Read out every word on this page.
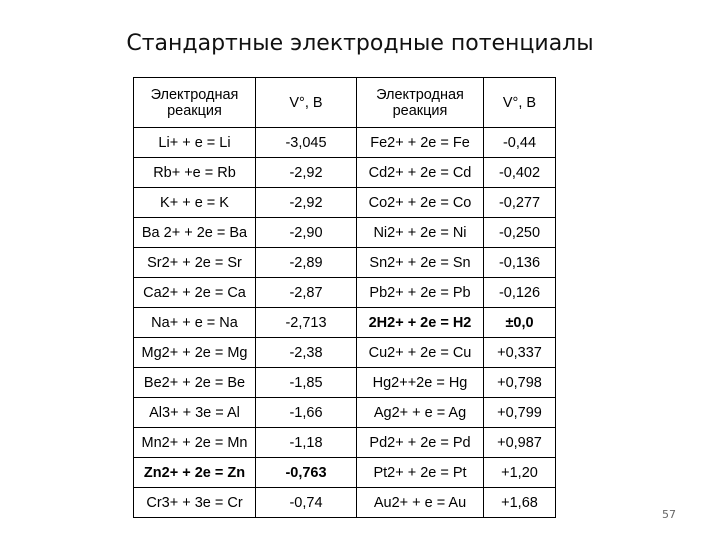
Стандартные электродные потенциалы
Электродная реакция	V°, B	Электродная реакция	V°, B
Li+ + e = Li	-3,045	Fe2+ + 2e = Fe	-0,44
Rb+ +e = Rb	-2,92	Cd2+ + 2e = Cd	-0,402
K+ + e = K	-2,92	Co2+ + 2e = Co	-0,277
Ba 2+ + 2e = Ba	-2,90	Ni2+ + 2e = Ni	-0,250
Sr2+ + 2e = Sr	-2,89	Sn2+ + 2e = Sn	-0,136
Ca2+ + 2e = Ca	-2,87	Pb2+ + 2e = Pb	-0,126
Na+ + e = Na	-2,713	2H2+ + 2e = H2	±0,0
Mg2+ + 2e = Mg	-2,38	Cu2+ + 2e = Cu	+0,337
Be2+ + 2e = Be	-1,85	Hg2++2e = Hg	+0,798
Al3+ + 3e = Al	-1,66	Ag2+ + e = Ag	+0,799
Mn2+ + 2e = Mn	-1,18	Pd2+ + 2e = Pd	+0,987
Zn2+ + 2e = Zn	-0,763	Pt2+ + 2e = Pt	+1,20
Cr3+ + 3e = Cr	-0,74	Au2+ + e = Au	+1,68
57
